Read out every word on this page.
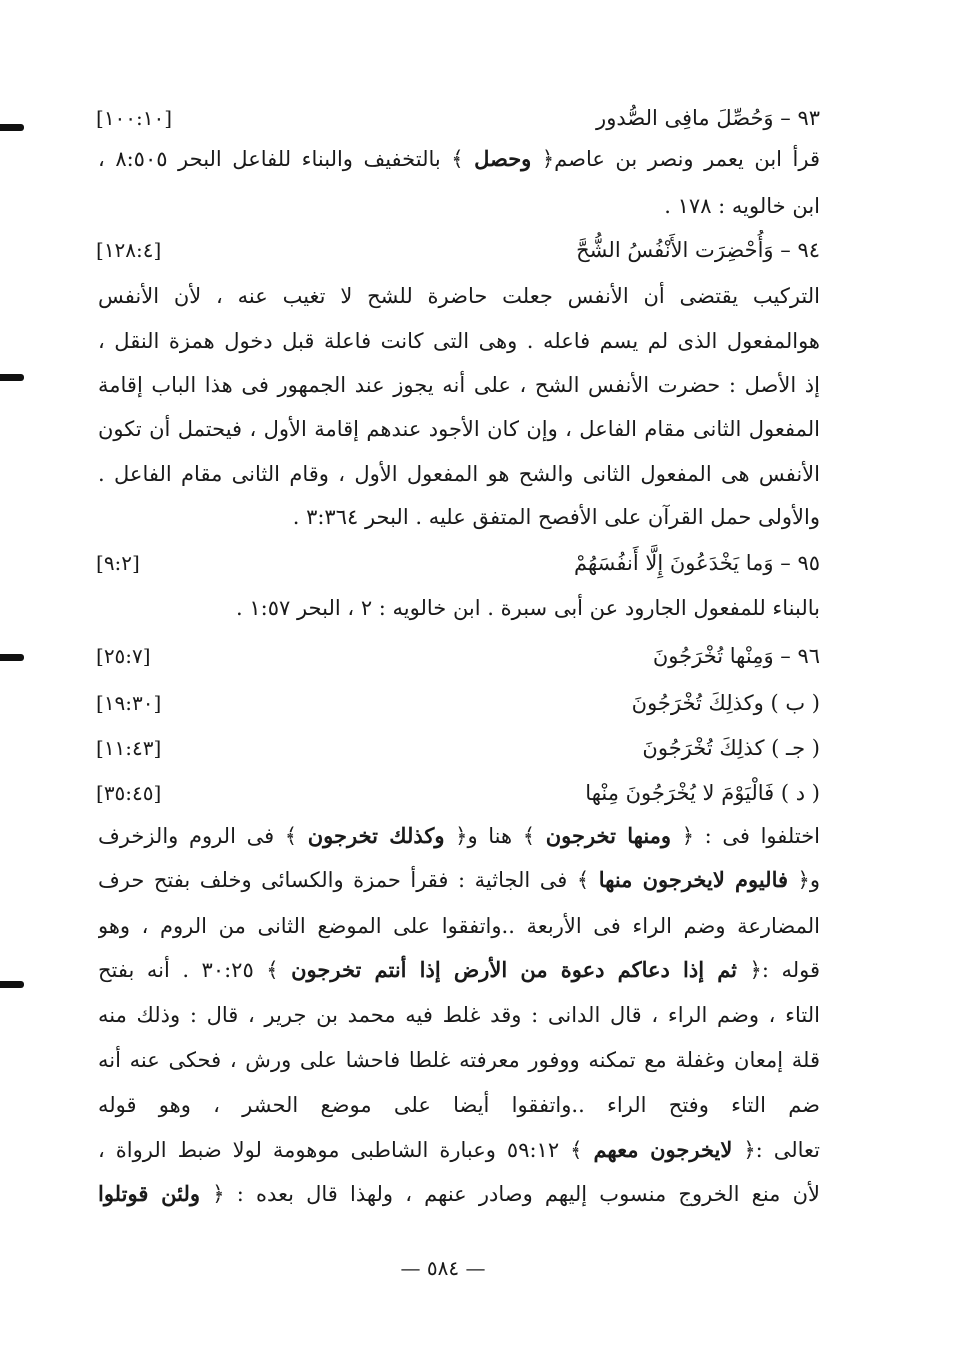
٩٣ – وَحُصِّلَ مافِى الصُّدور
[١٠٠:١٠]
قرأ ابن يعمر ونصر بن عاصم﴿ وحصل ﴾ بالتخفيف والبناء للفاعل البحر ٨:٥٠٥ ،
ابن خالويه : ١٧٨ .
٩٤ – وَأُحْضِرَت الأَنْفُسُ الشُّحَّ
[١٢٨:٤]
التركيب يقتضى أن الأنفس جعلت حاضرة للشح لا تغيب عنه ، لأن الأنفس
هوالمفعول الذى لم يسم فاعله . وهى التى كانت فاعلة قبل دخول همزة النقل ،
إذ الأصل : حضرت الأنفس الشح ، على أنه يجوز عند الجمهور فى هذا الباب إقامة
المفعول الثانى مقام الفاعل ، وإن كان الأجود عندهم إقامة الأول ، فيحتمل أن تكون
الأنفس هى المفعول الثانى والشح هو المفعول الأول ، وقام الثانى مقام الفاعل .
والأولى حمل القرآن على الأفصح المتفق عليه . البحر ٣:٣٦٤ .
٩٥ – وَما يَخْدَعُونَ إِلَّا أَنفُسَهُمْ
[٩:٢]
بالبناء للمفعول الجارود عن أبى سبرة . ابن خالويه : ٢ ، البحر ١:٥٧ .
٩٦ – وَمِنْها تُخْرَجُونَ
[٢٥:٧]
( ب ) وكذلِكَ تُخْرَجُونَ
[١٩:٣٠]
( جـ ) كذلِكَ تُخْرَجُونَ
[١١:٤٣]
( د ) فَالْيَوْمَ لا يُخْرَجُونَ مِنْها
[٣٥:٤٥]
اختلفوا فى : ﴿ ومنها تخرجون ﴾ هنا و﴿ وكذلك تخرجون ﴾ فى الروم والزخرف
و﴿ فاليوم لايخرجون منها ﴾ فى الجاثية : فقرأ حمزة والكسائى وخلف بفتح حرف
المضارعة وضم الراء فى الأربعة ..واتفقوا على الموضع الثانى من الروم ، وهو
قوله :﴿ ثم إذا دعاكم دعوة من الأرض إذا أنتم تخرجون ﴾ ٣٠:٢٥ . أنه بفتح
التاء ، وضم الراء ، قال الدانى : وقد غلط فيه محمد بن جرير ، قال : وذلك منه
قلة إمعان وغفلة مع تمكنه ووفور معرفته غلطا فاحشا على ورش ، فحكى عنه أنه
ضم التاء وفتح الراء ..واتفقوا أيضا على موضع الحشر ، وهو قوله
تعالى :﴿ لايخرجون معهم ﴾ ٥٩:١٢ وعبارة الشاطبى موهومة لولا ضبط الرواة ،
لأن منع الخروج منسوب إليهم وصادر عنهم ، ولهذا قال بعده : ﴿ ولئن قوتلوا
— ٥٨٤ —
